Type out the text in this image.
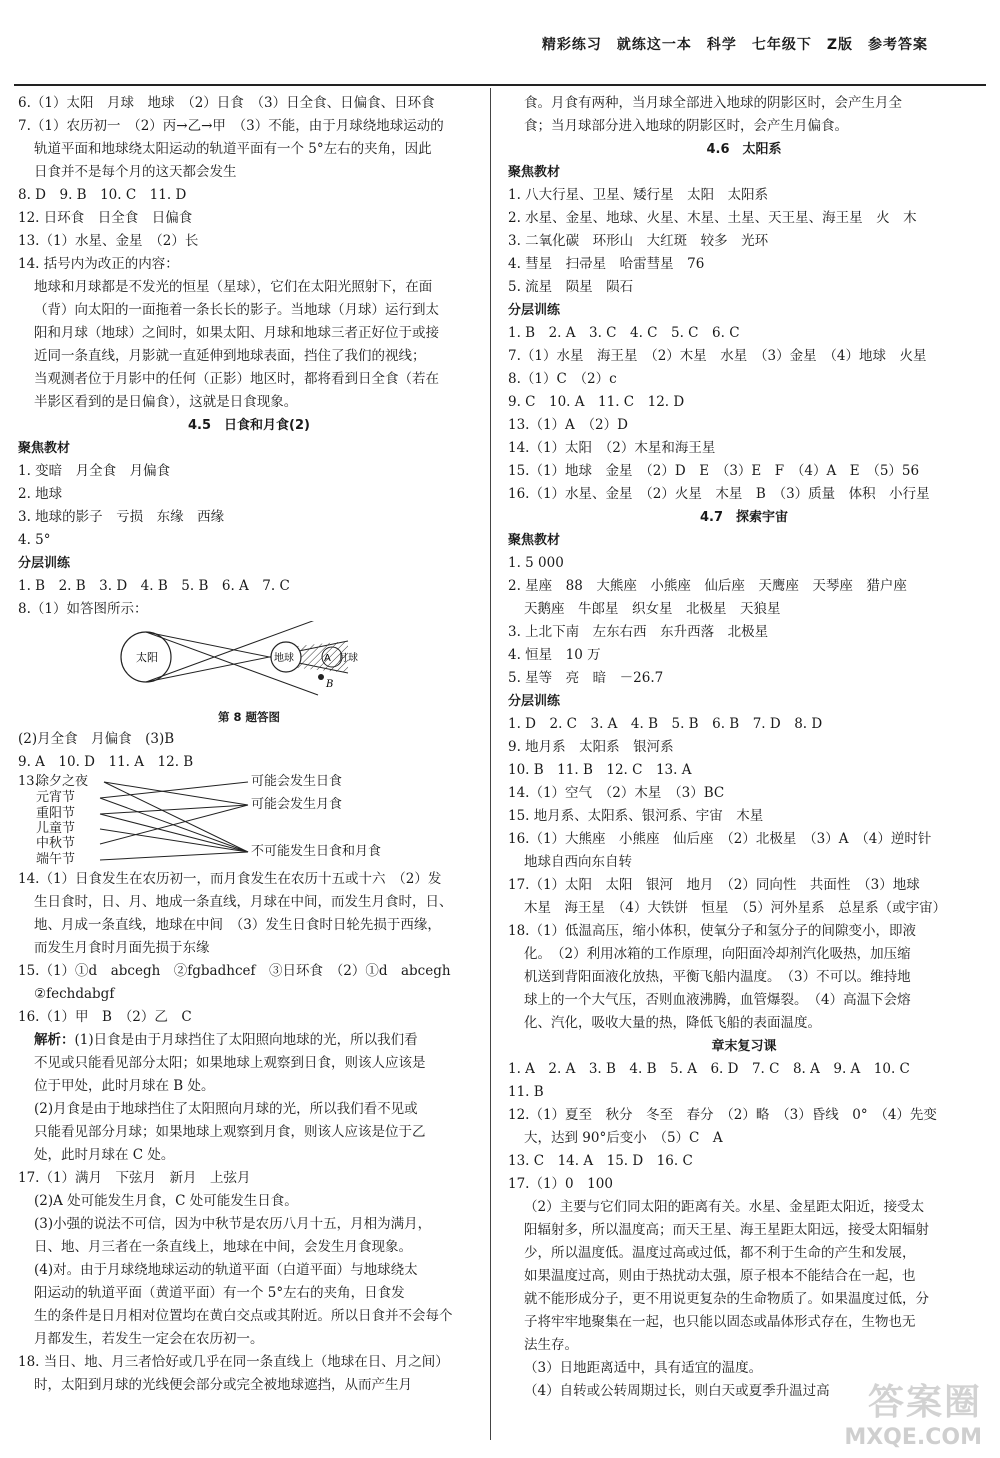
精彩练习　就练这一本　科学　七年级下　Z版　参考答案
6.（1）太阳　月球　地球　（2）日食　（3）日全食、日偏食、日环食
7.（1）农历初一　（2）丙→乙→甲　（3）不能，由于月球绕地球运动的
轨道平面和地球绕太阳运动的轨道平面有一个 5°左右的夹角，因此
日食并不是每个月的这天都会发生
8. D　9. B　10. C　11. D
12. 日环食　日全食　日偏食
13.（1）水星、金星　（2）长
14. 括号内为改正的内容：
地球和月球都是不发光的恒星（星球），它们在太阳光照射下，在面
（背）向太阳的一面拖着一条长长的影子。当地球（月球）运行到太
阳和月球（地球）之间时，如果太阳、月球和地球三者正好位于或接
近同一条直线，月影就一直延伸到地球表面，挡住了我们的视线；
当观测者位于月影中的任何（正影）地区时，都将看到日全食（若在
半影区看到的是日偏食），这就是日食现象。
4.5　日食和月食(2)
聚焦教材
1. 变暗　月全食　月偏食
2. 地球
3. 地球的影子　亏损　东缘　西缘
4. 5°
分层训练
1. B　2. B　3. D　4. B　5. B　6. A　7. C
8.（1）如答图所示：
太阳	地球	A 月球
B
第 8 题答图
(2)月全食　月偏食　(3)B
9. A　10. D　11. A　12. B
13.
除夕之夜
元宵节
重阳节
儿童节
中秋节
端午节
可能会发生日食
可能会发生月食
不可能发生日食和月食
14.（1）日食发生在农历初一，而月食发生在农历十五或十六　（2）发
生日食时，日、月、地成一条直线，月球在中间，而发生月食时，日、
地、月成一条直线，地球在中间　（3）发生日食时日轮先损于西缘，
而发生月食时月面先损于东缘
15.（1）①d　abcegh　②fgbadhcef　③日环食　（2）①d　abcegh
②fechdabgf
16.（1）甲　B　（2）乙　C
解析：(1)日食是由于月球挡住了太阳照向地球的光，所以我们看
不见或只能看见部分太阳；如果地球上观察到日食，则该人应该是
位于甲处，此时月球在 B 处。
(2)月食是由于地球挡住了太阳照向月球的光，所以我们看不见或
只能看见部分月球；如果地球上观察到月食，则该人应该是位于乙
处，此时月球在 C 处。
17.（1）满月　下弦月　新月　上弦月
(2)A 处可能发生月食，C 处可能发生日食。
(3)小强的说法不可信，因为中秋节是农历八月十五，月相为满月，
日、地、月三者在一条直线上，地球在中间，会发生月食现象。
(4)对。由于月球绕地球运动的轨道平面（白道平面）与地球绕太
阳运动的轨道平面（黄道平面）有一个 5°左右的夹角，日食发
生的条件是日月相对位置均在黄白交点或其附近。所以日食并不会每个
月都发生，若发生一定会在农历初一。
18. 当日、地、月三者恰好或几乎在同一条直线上（地球在日、月之间）
时，太阳到月球的光线便会部分或完全被地球遮挡，从而产生月
食。月食有两种，当月球全部进入地球的阴影区时，会产生月全
食；当月球部分进入地球的阴影区时，会产生月偏食。
4.6　太阳系
聚焦教材
1. 八大行星、卫星、矮行星　太阳　太阳系
2. 水星、金星、地球、火星、木星、土星、天王星、海王星　火　木
3. 二氧化碳　环形山　大红斑　较多　光环
4. 彗星　扫帚星　哈雷彗星　76
5. 流星　陨星　陨石
分层训练
1. B　2. A　3. C　4. C　5. C　6. C
7.（1）水星　海王星　（2）木星　水星　（3）金星　（4）地球　火星
8.（1）C　（2）c
9. C　10. A　11. C　12. D
13.（1）A　（2）D
14.（1）太阳　（2）木星和海王星
15.（1）地球　金星　（2）D　E　（3）E　F　（4）A　E　（5）56
16.（1）水星、金星　（2）火星　木星　B　（3）质量　体积　小行星
4.7　探索宇宙
聚焦教材
1. 5 000
2. 星座　88　大熊座　小熊座　仙后座　天鹰座　天琴座　猎户座
天鹅座　牛郎星　织女星　北极星　天狼星
3. 上北下南　左东右西　东升西落　北极星
4. 恒星　10 万
5. 星等　亮　暗　－26.7
分层训练
1. D　2. C　3. A　4. B　5. B　6. B　7. D　8. D
9. 地月系　太阳系　银河系
10. B　11. B　12. C　13. A
14.（1）空气　（2）木星　（3）BC
15. 地月系、太阳系、银河系、宇宙　木星
16.（1）大熊座　小熊座　仙后座　（2）北极星　（3）A　（4）逆时针
地球自西向东自转
17.（1）太阳　太阳　银河　地月　（2）同向性　共面性　（3）地球
木星　海王星　（4）大铁饼　恒星　（5）河外星系　总星系（或宇宙）
18.（1）低温高压，缩小体积，使氧分子和氢分子的间隙变小，即液
化。　（2）利用冰箱的工作原理，向阳面冷却剂汽化吸热，加压缩
机送到背阳面液化放热，平衡飞船内温度。　（3）不可以。维持地
球上的一个大气压，否则血液沸腾，血管爆裂。　（4）高温下会熔
化、汽化，吸收大量的热，降低飞船的表面温度。
章末复习课
1. A　2. A　3. B　4. B　5. A　6. D　7. C　8. A　9. A　10. C
11. B
12.（1）夏至　秋分　冬至　春分　（2）略　（3）昏线　0°　（4）先变
大，达到 90°后变小　（5）C　A
13. C　14. A　15. D　16. C
17.（1）0　100
（2）主要与它们同太阳的距离有关。水星、金星距太阳近，接受太
阳辐射多，所以温度高；而天王星、海王星距太阳远，接受太阳辐射
少，所以温度低。温度过高或过低，都不利于生命的产生和发展，
如果温度过高，则由于热扰动太强，原子根本不能结合在一起，也
就不能形成分子，更不用说更复杂的生命物质了。如果温度过低，分
子将牢牢地聚集在一起，也只能以固态或晶体形式存在，生物也无
法生存。
（3）日地距离适中，具有适宜的温度。
（4）自转或公转周期过长，则白天或夏季升温过高	答案圈
MXQE.COM
